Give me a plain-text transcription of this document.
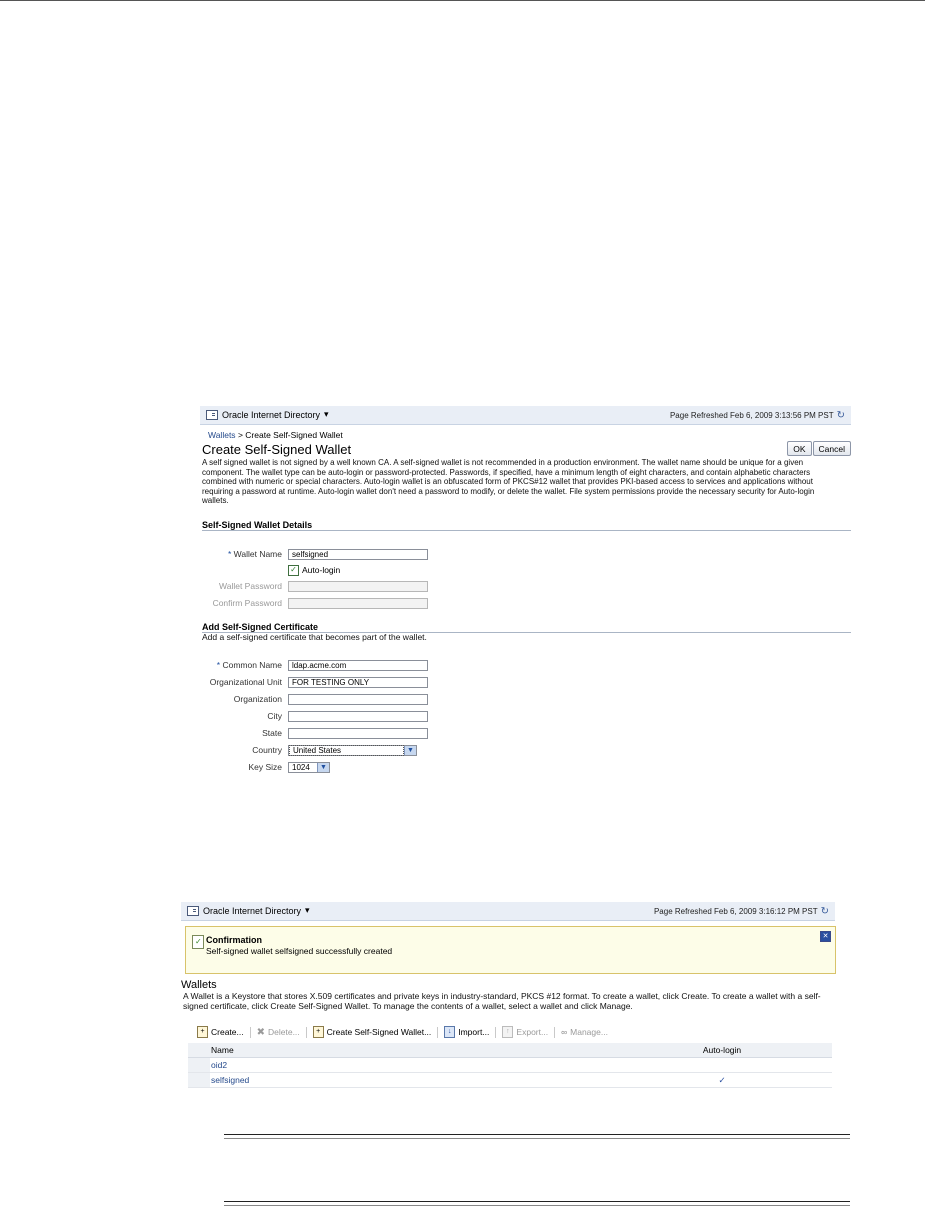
Oracle Internet Directory ▾	Page Refreshed Feb 6, 2009 3:13:56 PM PST ↻
Wallets > Create Self-Signed Wallet
Create Self-Signed Wallet	OK	Cancel
A self signed wallet is not signed by a well known CA. A self-signed wallet is not recommended in a production environment. The wallet name should be unique for a given component. The wallet type can be auto-login or password-protected. Passwords, if specified, have a minimum length of eight characters, and contain alphabetic characters combined with numeric or special characters. Auto-login wallet is an obfuscated form of PKCS#12 wallet that provides PKI-based access to services and applications without requiring a password at runtime. Auto-login wallet don't need a password to modify, or delete the wallet. File system permissions provide the necessary security for Auto-login wallets.
Self-Signed Wallet Details
* Wallet Name	selfsigned
✓ Auto-login
Wallet Password
Confirm Password
Add Self-Signed Certificate
Add a self-signed certificate that becomes part of the wallet.
* Common Name	ldap.acme.com
Organizational Unit	FOR TESTING ONLY
Organization
City
State
Country	United States	▼
Key Size	1024	▼
Oracle Internet Directory ▾	Page Refreshed Feb 6, 2009 3:16:12 PM PST ↻
✓
Confirmation
Self-signed wallet selfsigned successfully created
✕
Wallets
A Wallet is a Keystore that stores X.509 certificates and private keys in industry-standard, PKCS #12 format. To create a wallet, click Create. To create a wallet with a self-signed certificate, click Create Self-Signed Wallet. To manage the contents of a wallet, select a wallet and click Manage.
+ Create... ✖ Delete...	+ Create Self-Signed Wallet...	↓ Import...	↑ Export... ∞ Manage...
	Name	Auto-login
	oid2	
	selfsigned	✓
